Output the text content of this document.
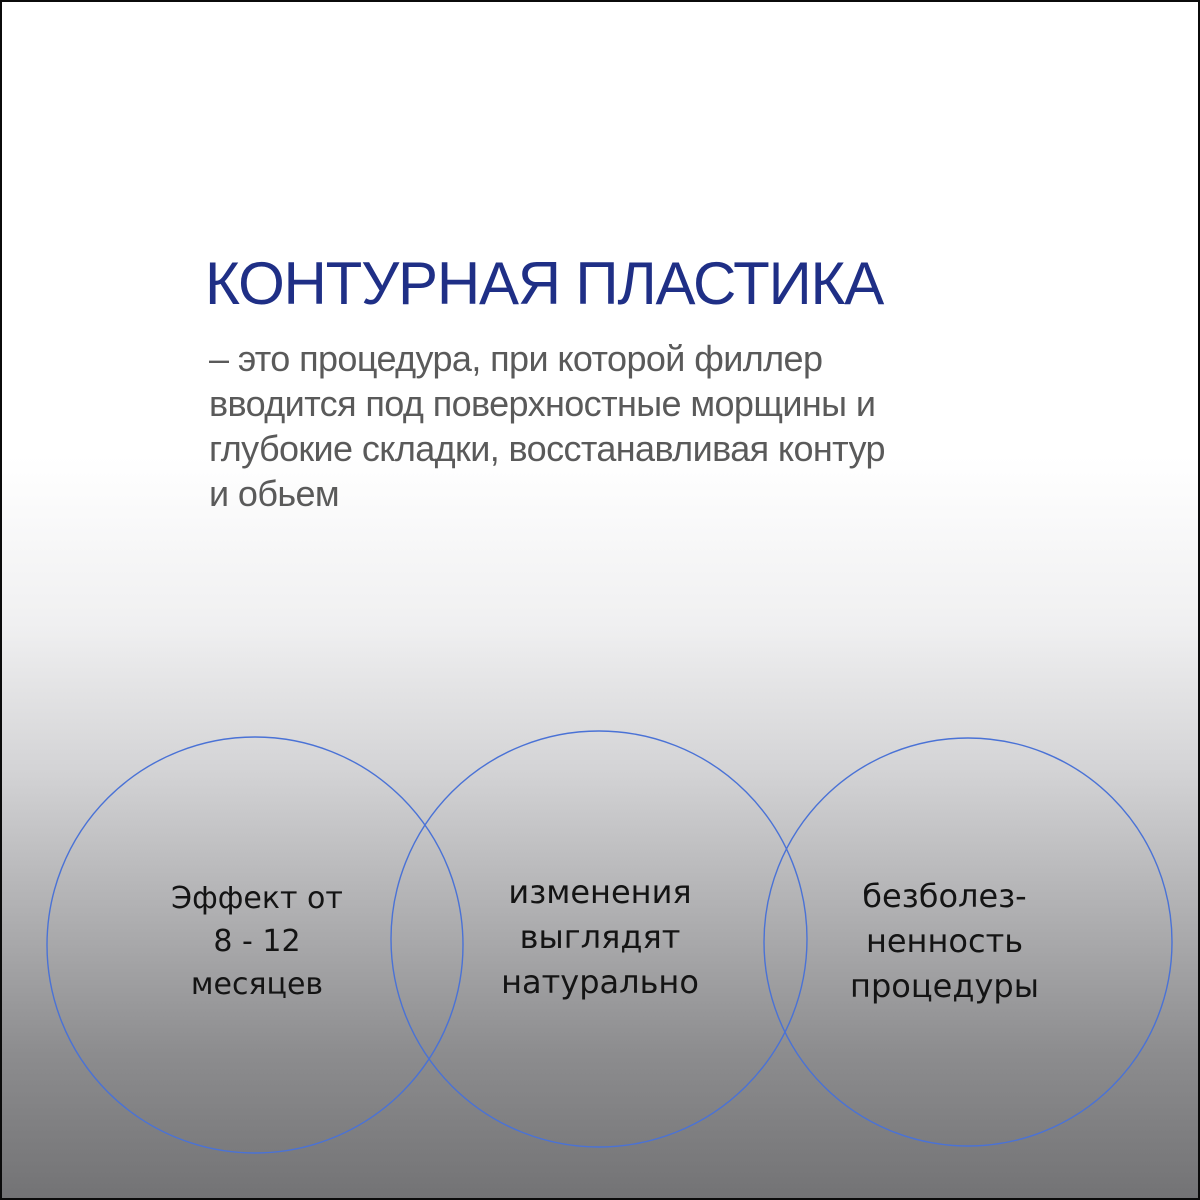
КОНТУРНАЯ ПЛАСТИКА

– это процедура, при которой филлер
вводится под поверхностные морщины и
глубокие складки, восстанавливая контур
и обьем

Эффект от
8 - 12
месяцев
изменения
выглядят
натурально
безболез-
ненность
процедуры
